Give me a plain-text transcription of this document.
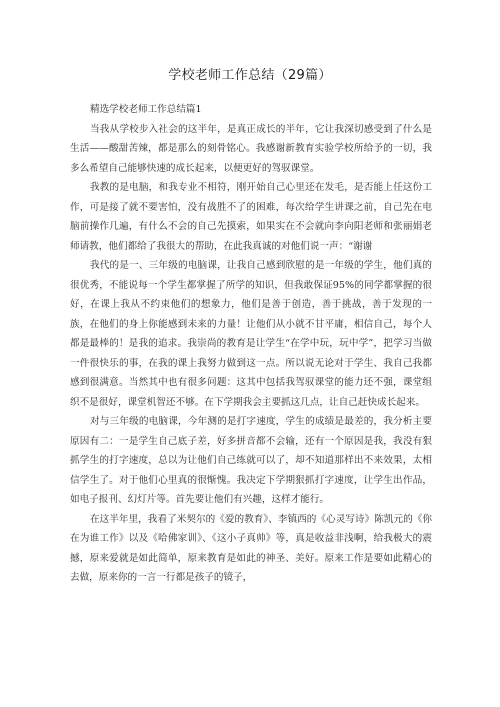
学校老师工作总结（29篇）

精选学校老师工作总结篇1

当我从学校步入社会的这半年，是真正成长的半年，它让我深切感受到了什么是生活——酸甜苦辣，都是那么的刻骨铭心。我感谢新教育实验学校所给予的一切，我多么希望自己能够快速的成长起来，以便更好的驾驭课堂。

我教的是电脑，和我专业不相符，刚开始自己心里还在发毛，是否能上任这份工作，可是接了就不要害怕，没有战胜不了的困难，每次给学生讲课之前，自己先在电脑前操作几遍，有什么不会的自己先摸索，如果实在不会就向李向阳老师和张丽娟老师请教，他们都给了我很大的帮助，在此我真诚的对他们说一声：“谢谢

我代的是一、三年级的电脑课，让我自己感到欣慰的是一年级的学生，他们真的很优秀，不能说每一个学生都掌握了所学的知识，但我敢保证95%的同学都掌握的很好，在课上我从不约束他们的想象力，他们是善于创造，善于挑战，善于发现的一族，在他们的身上你能感到未来的力量！让他们从小就不甘平庸，相信自己，每个人都是最棒的！是我的追求。我崇尚的教育是让学生“在学中玩，玩中学”，把学习当做一件很快乐的事，在我的课上我努力做到这一点。所以说无论对于学生、我自己我都感到很满意。当然其中也有很多问题：这其中包括我驾驭课堂的能力还不强，课堂组织不是很好，课堂机智还不够。在下学期我会主要抓这几点，让自己赶快成长起来。

对与三年级的电脑课，今年测的是打字速度，学生的成绩是最差的，我分析主要原因有二：一是学生自己底子差，好多拼音都不会输，还有一个原因是我，我没有狠抓学生的打字速度，总以为让他们自己练就可以了，却不知道那样出不来效果，太相信学生了。对于他们心里真的很惭愧。我决定下学期狠抓打字速度，让学生出作品，如电子报刊、幻灯片等。首先要让他们有兴趣，这样才能行。

在这半年里，我看了米契尔的《爱的教育》、李镇西的《心灵写诗》陈凯元的《你在为谁工作》以及《哈佛家训》、《这小子真帅》等，真是收益非浅啊，给我极大的震撼，原来爱就是如此简单，原来教育是如此的神圣、美好。原来工作是要如此精心的去做，原来你的一言一行都是孩子的镜子，
